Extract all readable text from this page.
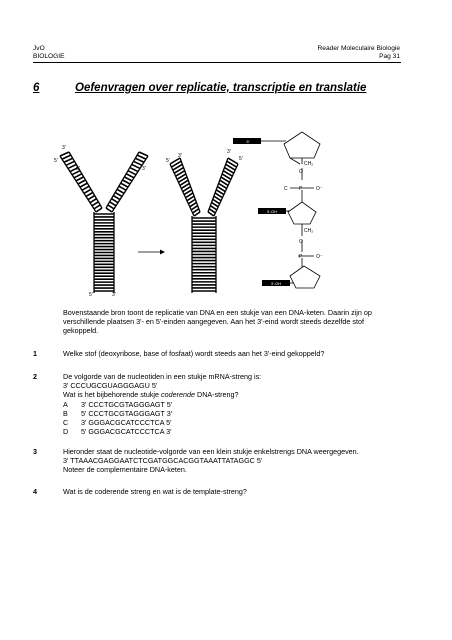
JvO
BIOLOGIE
Reader Moleculaire Biologie
Pag 31
6	Oefenvragen over replicatie, transcriptie en translatie
3'
5'
5'	3'
5'
3'
3'
5'
5'	3'
5'
3'-OH
3'-OH
CH₂
C P	O⁻
O
O
CH₂
P	O⁻
Bovenstaande bron toont de replicatie van DNA en een stukje van een DNA-keten. Daarin zijn op
verschillende plaatsen 3'- en 5'-einden aangegeven. Aan het 3'-eind wordt steeds dezelfde stof
gekoppeld.
1	Welke stof (deoxyribose, base of fosfaat) wordt steeds aan het 3'-eind gekoppeld?
2	De volgorde van de nucleotiden in een stukje mRNA-streng is:
3' CCCUGCGUAGGGAGU 5'
Wat is het bijbehorende stukje coderende DNA-streng?
A 3' CCCTGCGTAGGGAGT 5'
B 5' CCCTGCGTAGGGAGT 3'
C 3' GGGACGCATCCCTCA 5'
D 5' GGGACGCATCCCTCA 3'
3	Hieronder staat de nucleotide-volgorde van een klein stukje enkelstrengs DNA weergegeven.
3' TTAAACGAGGAATCTCGATGGCACGGTAAATTATAGGC 5'
Noteer de complementaire DNA-keten.
4	Wat is de coderende streng en wat is de template-streng?
